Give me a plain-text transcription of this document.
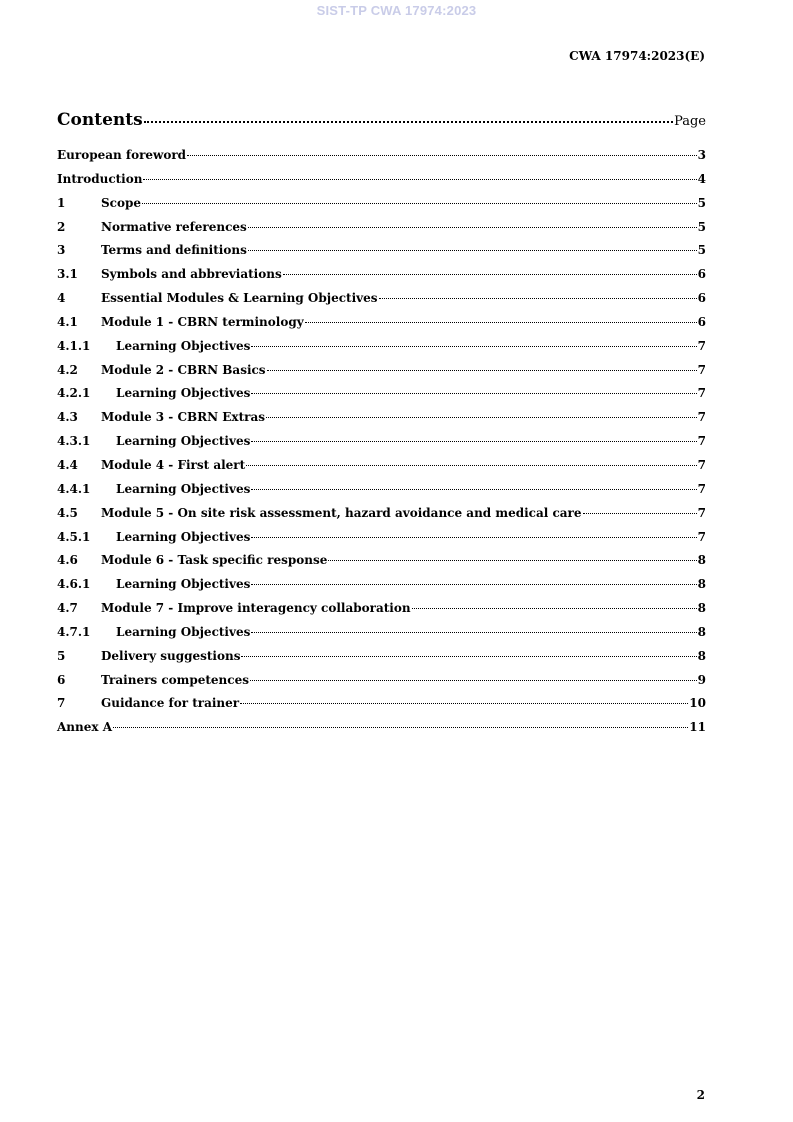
SIST-TP CWA 17974:2023
CWA 17974:2023(E)
Contents	Page
European foreword	3
Introduction	4
1	Scope	5
2	Normative references	5
3	Terms and definitions	5
3.1	Symbols and abbreviations	6
4	Essential Modules & Learning Objectives	6
4.1	Module 1 - CBRN terminology	6
4.1.1	Learning Objectives	7
4.2	Module 2 - CBRN Basics	7
4.2.1	Learning Objectives	7
4.3	Module 3 - CBRN Extras	7
4.3.1	Learning Objectives	7
4.4	Module 4 - First alert	7
4.4.1	Learning Objectives	7
4.5	Module 5 - On site risk assessment, hazard avoidance and medical care	7
4.5.1	Learning Objectives	7
4.6	Module 6 - Task specific response	8
4.6.1	Learning Objectives	8
4.7	Module 7 - Improve interagency collaboration	8
4.7.1	Learning Objectives	8
5	Delivery suggestions	8
6	Trainers competences	9
7	Guidance for trainer	10
Annex A	11
2
